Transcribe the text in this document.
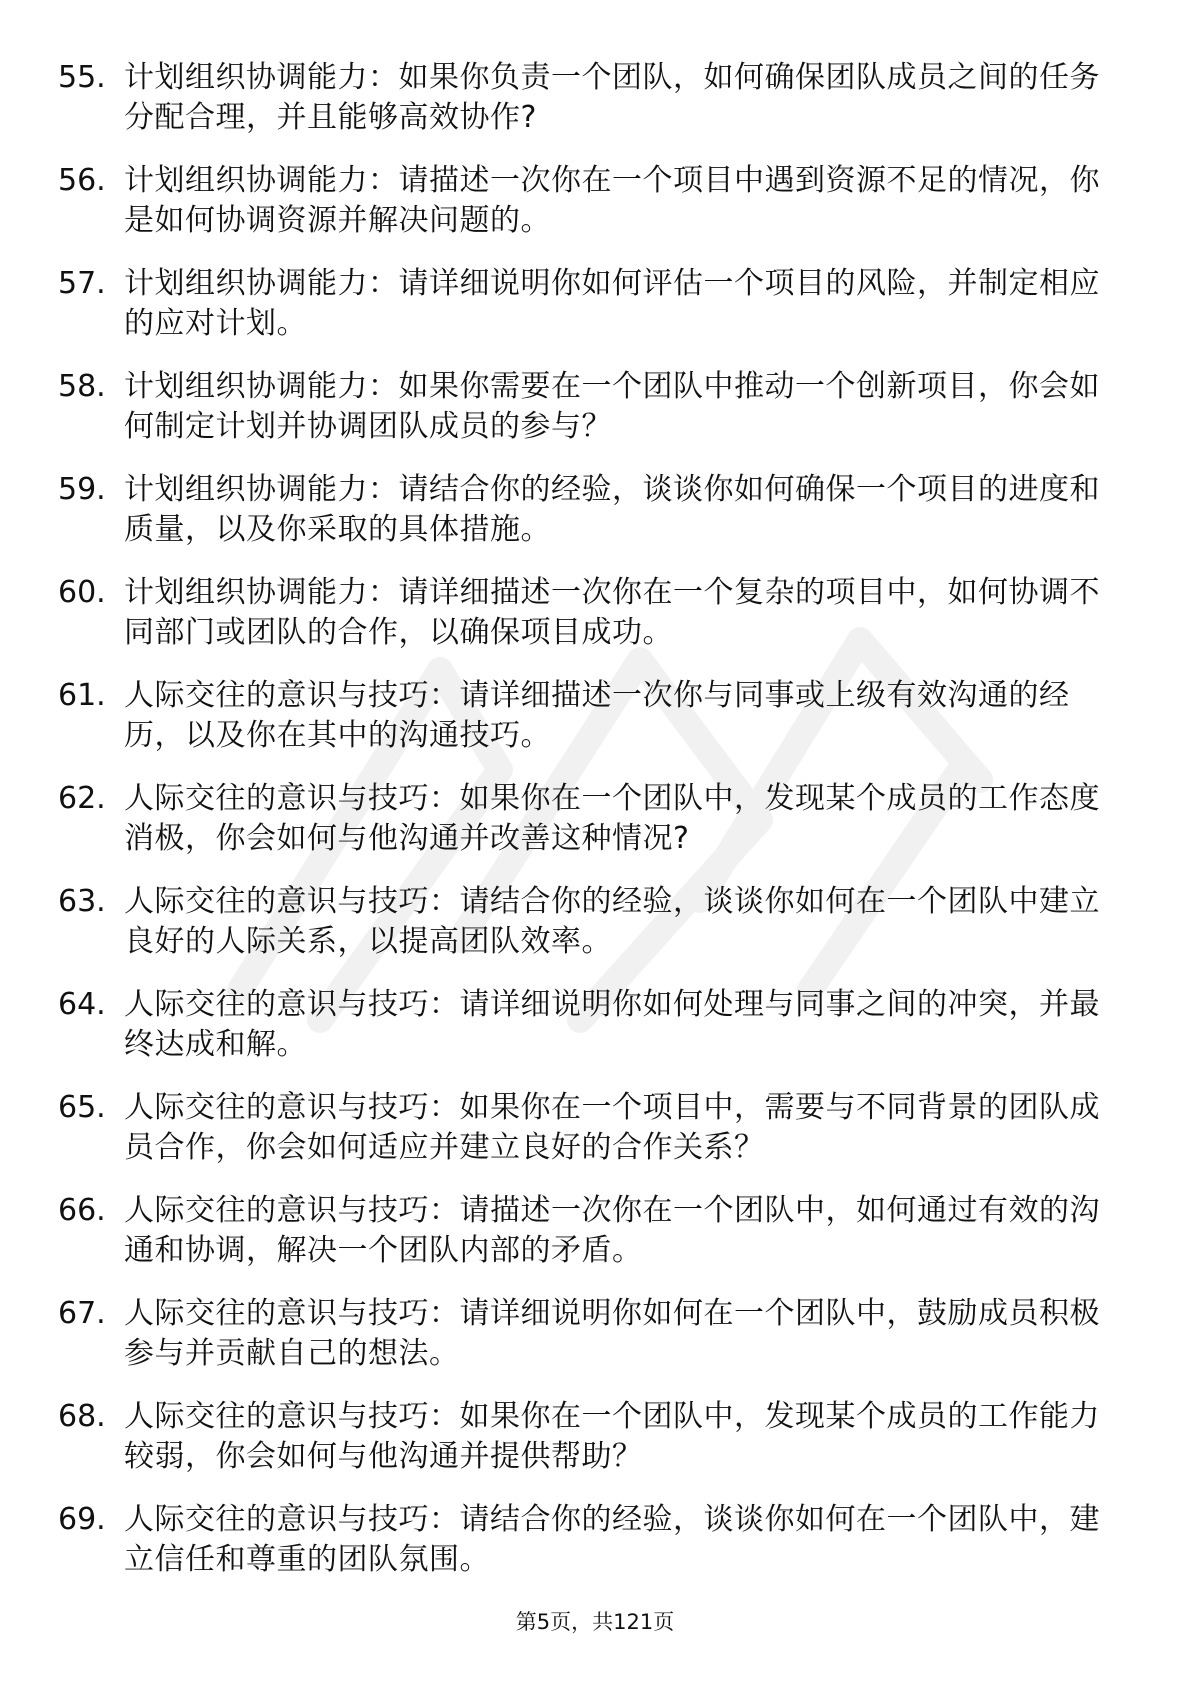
55. 计划组织协调能力：如果你负责一个团队，如何确保团队成员之间的任务分配合理，并且能够高效协作?
56. 计划组织协调能力：请描述一次你在一个项目中遇到资源不足的情况，你是如何协调资源并解决问题的。
57. 计划组织协调能力：请详细说明你如何评估一个项目的风险，并制定相应的应对计划。
58. 计划组织协调能力：如果你需要在一个团队中推动一个创新项目，你会如何制定计划并协调团队成员的参与？
59. 计划组织协调能力：请结合你的经验，谈谈你如何确保一个项目的进度和质量，以及你采取的具体措施。
60. 计划组织协调能力：请详细描述一次你在一个复杂的项目中，如何协调不同部门或团队的合作，以确保项目成功。
61. 人际交往的意识与技巧：请详细描述一次你与同事或上级有效沟通的经历，以及你在其中的沟通技巧。
62. 人际交往的意识与技巧：如果你在一个团队中，发现某个成员的工作态度消极，你会如何与他沟通并改善这种情况?
63. 人际交往的意识与技巧：请结合你的经验，谈谈你如何在一个团队中建立良好的人际关系，以提高团队效率。
64. 人际交往的意识与技巧：请详细说明你如何处理与同事之间的冲突，并最终达成和解。
65. 人际交往的意识与技巧：如果你在一个项目中，需要与不同背景的团队成员合作，你会如何适应并建立良好的合作关系？
66. 人际交往的意识与技巧：请描述一次你在一个团队中，如何通过有效的沟通和协调，解决一个团队内部的矛盾。
67. 人际交往的意识与技巧：请详细说明你如何在一个团队中，鼓励成员积极参与并贡献自己的想法。
68. 人际交往的意识与技巧：如果你在一个团队中，发现某个成员的工作能力较弱，你会如何与他沟通并提供帮助？
69. 人际交往的意识与技巧：请结合你的经验，谈谈你如何在一个团队中，建立信任和尊重的团队氛围。
第5页，共121页
